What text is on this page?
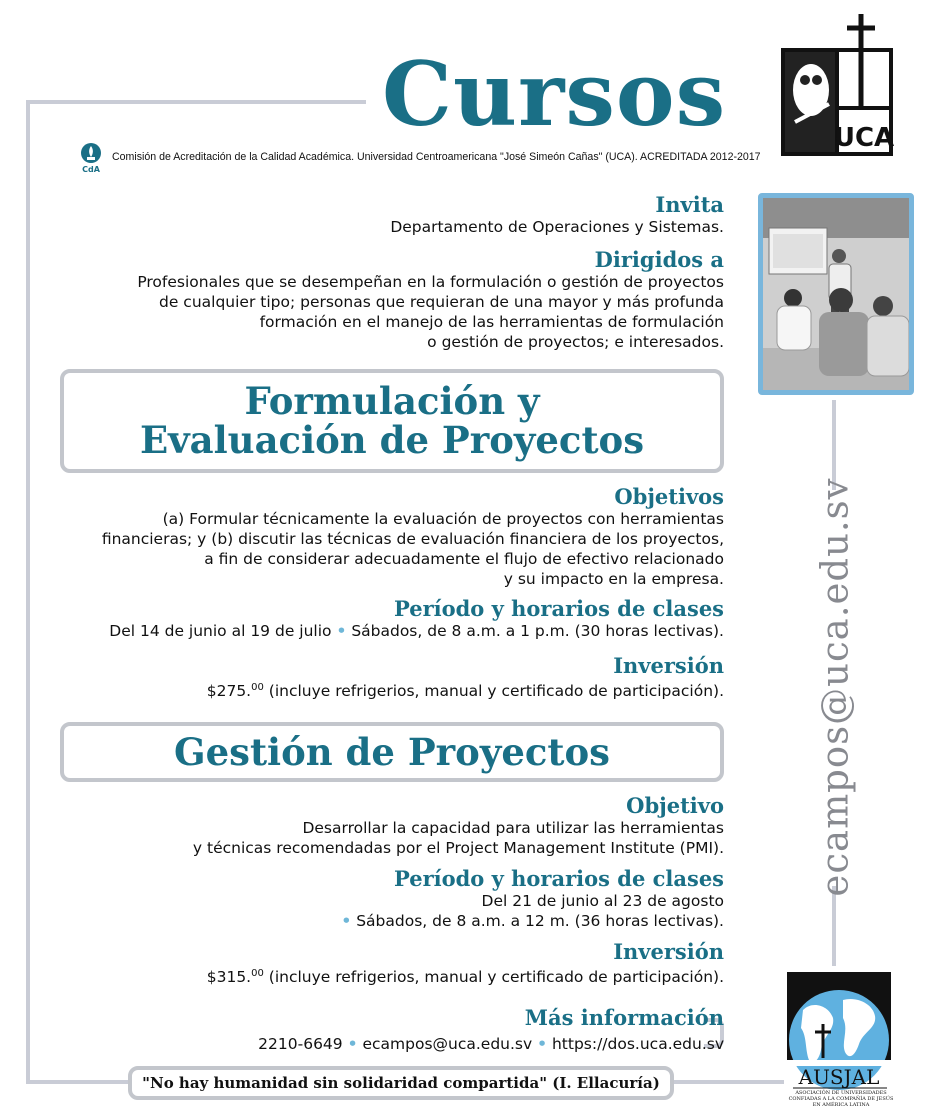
Cursos
CdA
Comisión de Acreditación de la Calidad Académica. Universidad Centroamericana "José Simeón Cañas" (UCA). ACREDITADA 2012-2017
UCA
Invita
Departamento de Operaciones y Sistemas.
Dirigidos a
Profesionales que se desempeñan en la formulación o gestión de proyectos
de cualquier tipo; personas que requieran de una mayor y más profunda
formación en el manejo de las herramientas de formulación
o gestión de proyectos; e interesados.
Formulación y
Evaluación de Proyectos
Objetivos
(a) Formular técnicamente la evaluación de proyectos con herramientas
financieras; y (b) discutir las técnicas de evaluación financiera de los proyectos,
a fin de considerar adecuadamente el flujo de efectivo relacionado
y su impacto en la empresa.
Período y horarios de clases
Del 14 de junio al 19 de julio • Sábados, de 8 a.m. a 1 p.m. (30 horas lectivas).
Inversión
$275.00 (incluye refrigerios, manual y certificado de participación).
Gestión de Proyectos
Objetivo
Desarrollar la capacidad para utilizar las herramientas
y técnicas recomendadas por el Project Management Institute (PMI).
Período y horarios de clases
Del 21 de junio al 23 de agosto
• Sábados, de 8 a.m. a 12 m. (36 horas lectivas).
Inversión
$315.00 (incluye refrigerios, manual y certificado de participación).
Más información
2210-6649 • ecampos@uca.edu.sv • https://dos.uca.edu.sv
ecampos@uca.edu.sv
AUSJAL
ASOCIACIÓN DE UNIVERSIDADES CONFIADAS A LA COMPAÑÍA DE JESÚS EN AMÉRICA LATINA
"No hay humanidad sin solidaridad compartida" (I. Ellacuría)
